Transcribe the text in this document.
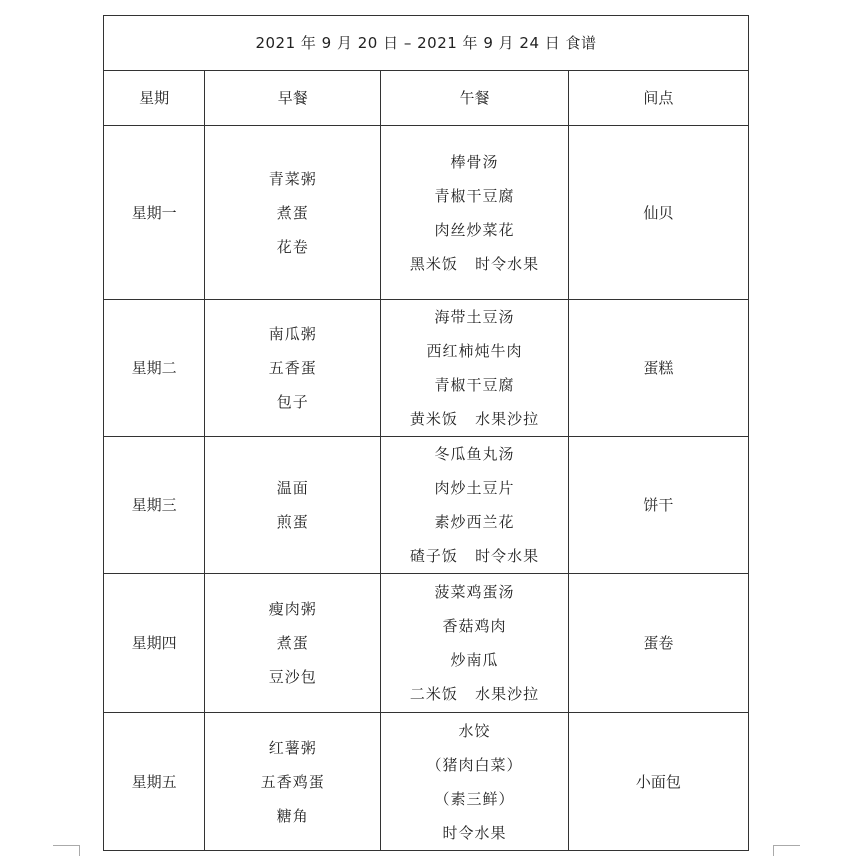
2021 年 9 月 20 日 – 2021 年 9 月 24 日 食谱			
星期	早餐	午餐	间点
星期一	青菜粥
煮蛋
花卷	棒骨汤
青椒干豆腐
肉丝炒菜花
黑米饭   时令水果	仙贝
星期二	南瓜粥
五香蛋
包子	海带土豆汤
西红柿炖牛肉
青椒干豆腐
黄米饭   水果沙拉	蛋糕
星期三	温面
煎蛋	冬瓜鱼丸汤
肉炒土豆片
素炒西兰花
碴子饭   时令水果	饼干
星期四	瘦肉粥
煮蛋
豆沙包	菠菜鸡蛋汤
香菇鸡肉
炒南瓜
二米饭   水果沙拉	蛋卷
星期五	红薯粥
五香鸡蛋
糖角	水饺
（猪肉白菜）
（素三鲜）
时令水果	小面包
